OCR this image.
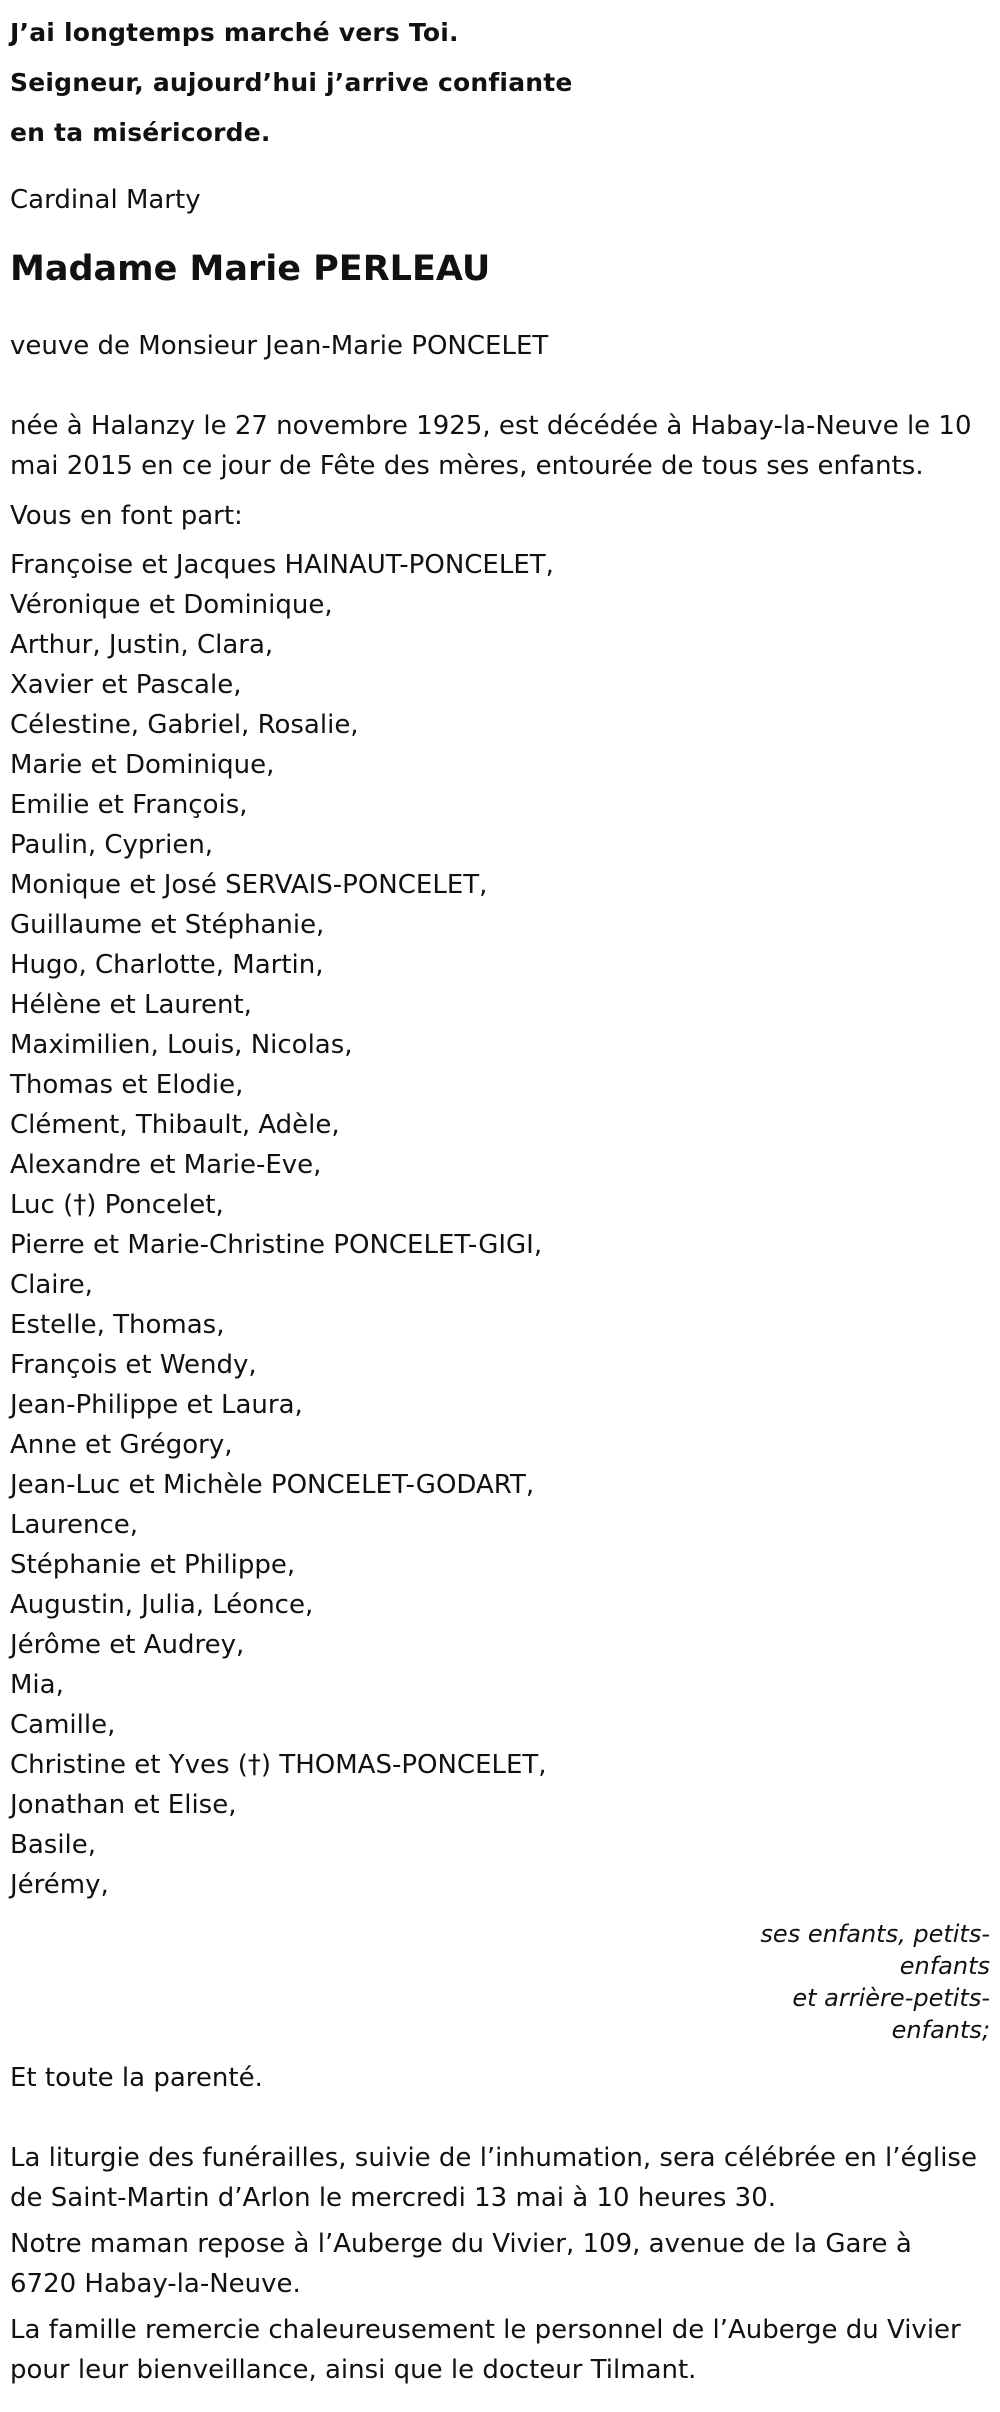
J’ai longtemps marché vers Toi.
Seigneur, aujourd’hui j’arrive confiante
en ta miséricorde.
Cardinal Marty
Madame Marie PERLEAU
veuve de Monsieur Jean-Marie PONCELET
née à Halanzy le 27 novembre 1925, est décédée à Habay-la-Neuve le 10 mai 2015 en ce jour de Fête des mères, entourée de tous ses enfants.
Vous en font part:
Françoise et Jacques HAINAUT-PONCELET,
Véronique et Dominique,
Arthur, Justin, Clara,
Xavier et Pascale,
Célestine, Gabriel, Rosalie,
Marie et Dominique,
Emilie et François,
Paulin, Cyprien,
Monique et José SERVAIS-PONCELET,
Guillaume et Stéphanie,
Hugo, Charlotte, Martin,
Hélène et Laurent,
Maximilien, Louis, Nicolas,
Thomas et Elodie,
Clément, Thibault, Adèle,
Alexandre et Marie-Eve,
Luc (†) Poncelet,
Pierre et Marie-Christine PONCELET-GIGI,
Claire,
Estelle, Thomas,
François et Wendy,
Jean-Philippe et Laura,
Anne et Grégory,
Jean-Luc et Michèle PONCELET-GODART,
Laurence,
Stéphanie et Philippe,
Augustin, Julia, Léonce,
Jérôme et Audrey,
Mia,
Camille,
Christine et Yves (†) THOMAS-PONCELET,
Jonathan et Elise,
Basile,
Jérémy,
ses enfants, petits-
enfants
et arrière-petits-
enfants;
Et toute la parenté.
La liturgie des funérailles, suivie de l’inhumation, sera célébrée en l’église de Saint-Martin d’Arlon le mercredi 13 mai à 10 heures 30.
Notre maman repose à l’Auberge du Vivier, 109, avenue de la Gare à 6720 Habay-la-Neuve.
La famille remercie chaleureusement le personnel de l’Auberge du Vivier pour leur bienveillance, ainsi que le docteur Tilmant.
